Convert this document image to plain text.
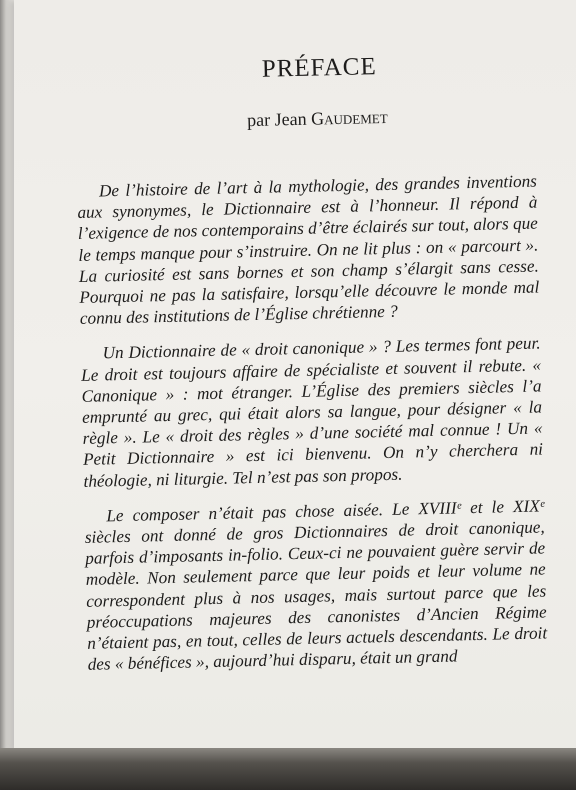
PRÉFACE
par Jean Gaudemet

De l’histoire de l’art à la mythologie, des grandes inventions aux synonymes, le Dictionnaire est à l’honneur. Il répond à l’exigence de nos contemporains d’être éclairés sur tout, alors que le temps manque pour s’instruire. On ne lit plus : on « parcourt ». La curiosité est sans bornes et son champ s’élargit sans cesse. Pourquoi ne pas la satisfaire, lorsqu’elle découvre le monde mal connu des institutions de l’Église chrétienne ?

Un Dictionnaire de « droit canonique » ? Les termes font peur. Le droit est toujours affaire de spécialiste et souvent il rebute. « Canonique » : mot étranger. L’Église des premiers siècles l’a emprunté au grec, qui était alors sa langue, pour désigner « la règle ». Le « droit des règles » d’une société mal connue ! Un « Petit Dictionnaire » est ici bienvenu. On n’y cherchera ni théologie, ni liturgie. Tel n’est pas son propos.

Le composer n’était pas chose aisée. Le XVIIIᵉ et le XIXᵉ siècles ont donné de gros Dictionnaires de droit canonique, parfois d’imposants in-folio. Ceux-ci ne pouvaient guère servir de modèle. Non seulement parce que leur poids et leur volume ne correspondent plus à nos usages, mais surtout parce que les préoccupations majeures des canonistes d’Ancien Régime n’étaient pas, en tout, celles de leurs actuels descendants. Le droit des « bénéfices », aujourd’hui disparu, était un grand
